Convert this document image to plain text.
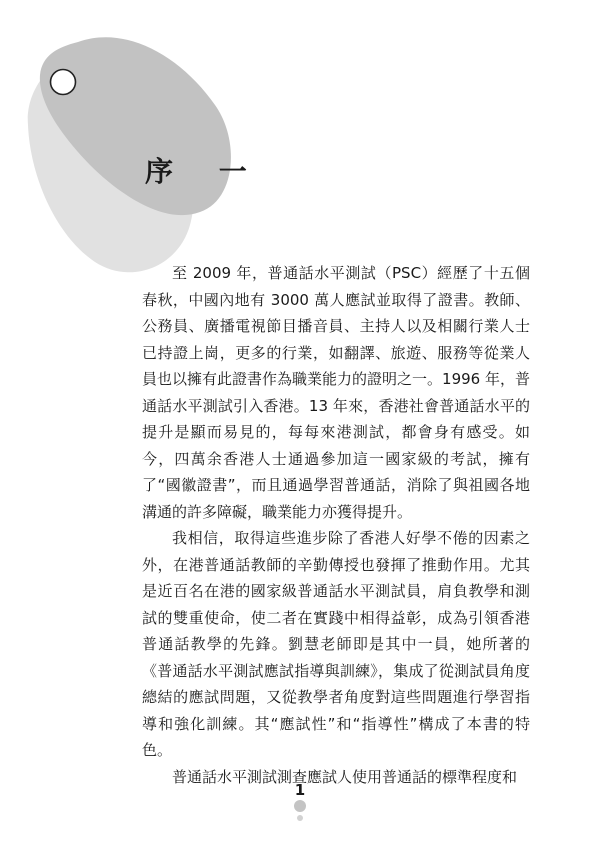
序 一

至 2009 年，普通話水平測試（PSC）經歷了十五個春秋，中國內地有 3000 萬人應試並取得了證書。教師、公務員、廣播電視節目播音員、主持人以及相關行業人士已持證上崗，更多的行業，如翻譯、旅遊、服務等從業人員也以擁有此證書作為職業能力的證明之一。1996 年，普通話水平測試引入香港。13 年來，香港社會普通話水平的提升是顯而易見的，每每來港測試，都會身有感受。如今，四萬余香港人士通過參加這一國家級的考試，擁有了“國徽證書”，而且通過學習普通話，消除了與祖國各地溝通的許多障礙，職業能力亦獲得提升。

我相信，取得這些進步除了香港人好學不倦的因素之外，在港普通話教師的辛勤傳授也發揮了推動作用。尤其是近百名在港的國家級普通話水平測試員，肩負教學和測試的雙重使命，使二者在實踐中相得益彰，成為引領香港普通話教學的先鋒。劉慧老師即是其中一員，她所著的《普通話水平測試應試指導與訓練》，集成了從測試員角度總結的應試問題，又從教學者角度對這些問題進行學習指導和強化訓練。其“應試性”和“指導性”構成了本書的特色。

普通話水平測試測查應試人使用普通話的標準程度和

1
